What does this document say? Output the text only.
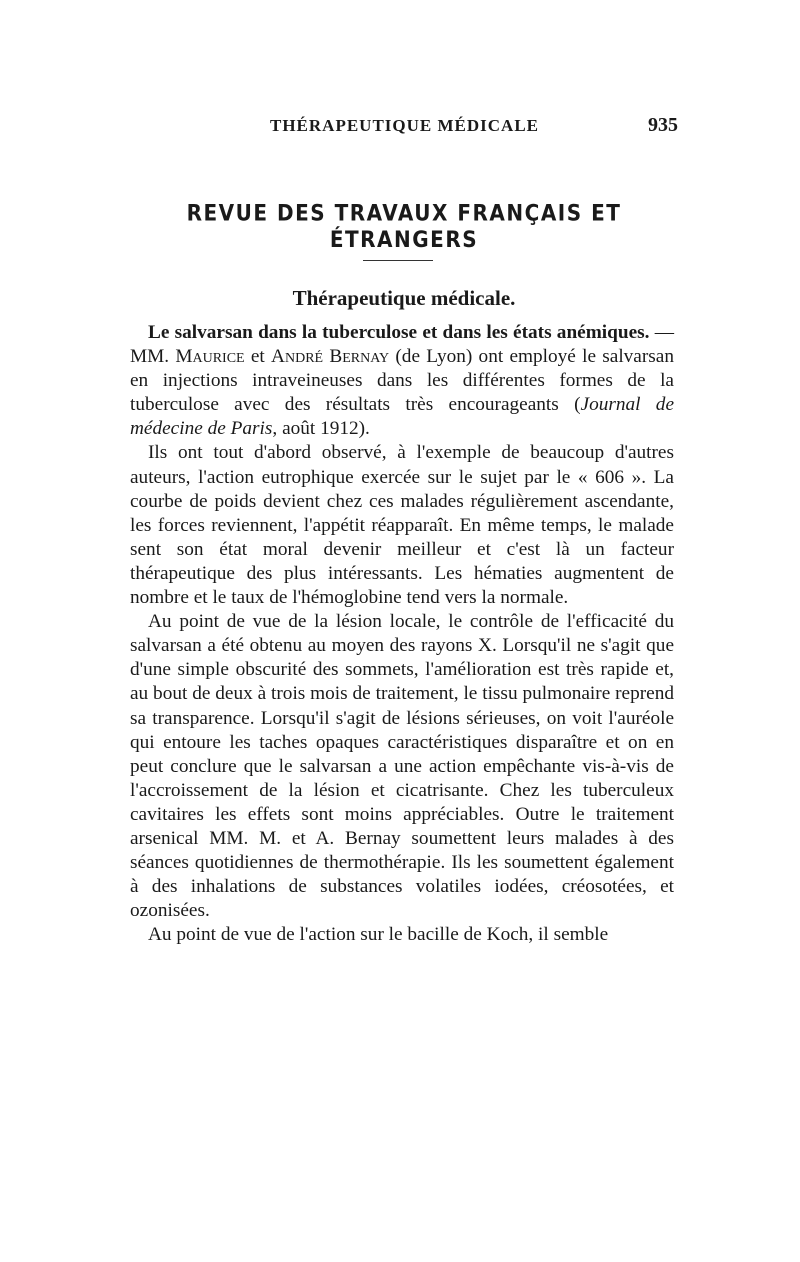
THÉRAPEUTIQUE MÉDICALE	935
REVUE DES TRAVAUX FRANÇAIS ET ÉTRANGERS
Thérapeutique médicale.

Le salvarsan dans la tuberculose et dans les états anémiques. — MM. Maurice et André Bernay (de Lyon) ont employé le salvarsan en injections intraveineuses dans les différentes formes de la tuberculose avec des résultats très encourageants (Journal de médecine de Paris, août 1912).

Ils ont tout d'abord observé, à l'exemple de beaucoup d'autres auteurs, l'action eutrophique exercée sur le sujet par le « 606 ». La courbe de poids devient chez ces malades régulièrement ascendante, les forces reviennent, l'appétit réapparaît. En même temps, le malade sent son état moral devenir meilleur et c'est là un facteur thérapeutique des plus intéressants. Les hématies augmentent de nombre et le taux de l'hémoglobine tend vers la normale.

Au point de vue de la lésion locale, le contrôle de l'efficacité du salvarsan a été obtenu au moyen des rayons X. Lorsqu'il ne s'agit que d'une simple obscurité des sommets, l'amélioration est très rapide et, au bout de deux à trois mois de traitement, le tissu pulmonaire reprend sa transparence. Lorsqu'il s'agit de lésions sérieuses, on voit l'auréole qui entoure les taches opaques caractéristiques disparaître et on en peut conclure que le salvarsan a une action empêchante vis-à-vis de l'accroissement de la lésion et cicatrisante. Chez les tuberculeux cavitaires les effets sont moins appréciables. Outre le traitement arsenical MM. M. et A. Bernay soumettent leurs malades à des séances quotidiennes de thermothérapie. Ils les soumettent également à des inhalations de substances volatiles iodées, créosotées, et ozonisées.

Au point de vue de l'action sur le bacille de Koch, il semble
